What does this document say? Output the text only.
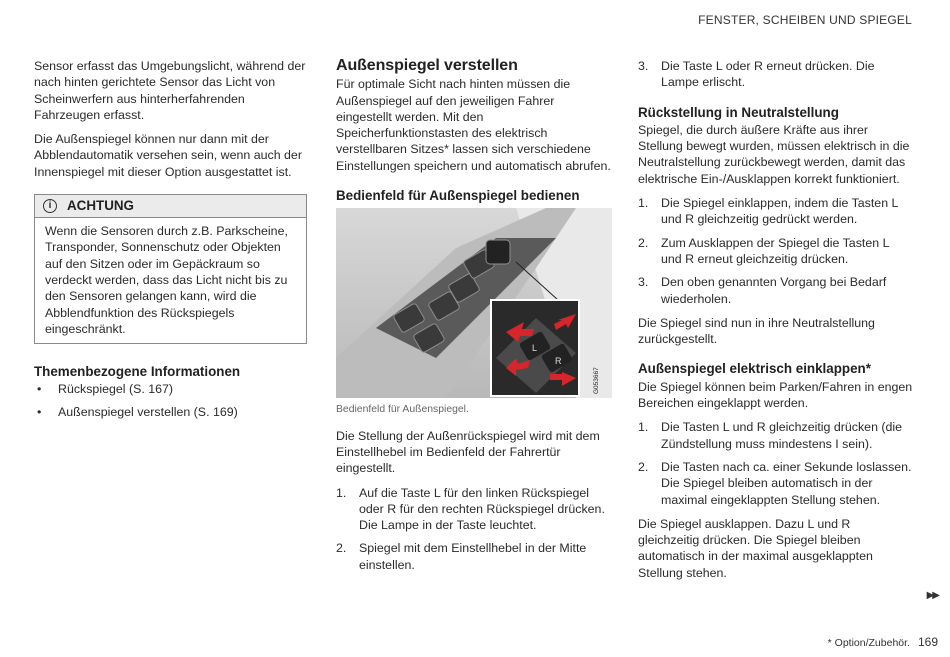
FENSTER, SCHEIBEN UND SPIEGEL

Sensor erfasst das Umgebungslicht, während der nach hinten gerichtete Sensor das Licht von Scheinwerfern aus hinterherfahrenden Fahrzeugen erfasst.

Die Außenspiegel können nur dann mit der Abblendautomatik versehen sein, wenn auch der Innenspiegel mit dieser Option ausgestattet ist.

i	ACHTUNG
Wenn die Sensoren durch z.B. Parkscheine, Transponder, Sonnenschutz oder Objekten auf den Sitzen oder im Gepäckraum so verdeckt werden, dass das Licht nicht bis zu den Sensoren gelangen kann, wird die Abblendfunktion des Rückspiegels eingeschränkt.
Themenbezogene Informationen
• Rückspiegel (S. 167)
• Außenspiegel verstellen (S. 169)
Außenspiegel verstellen

Für optimale Sicht nach hinten müssen die Außenspiegel auf den jeweiligen Fahrer eingestellt werden. Mit den Speicherfunktionstasten des elektrisch verstellbaren Sitzes* lassen sich verschiedene Einstellungen speichern und automatisch abrufen.

Bedienfeld für Außenspiegel bedienen
L
R
G053667
Bedienfeld für Außenspiegel.

Die Stellung der Außenrückspiegel wird mit dem Einstellhebel im Bedienfeld der Fahrertür eingestellt.

1.	Auf die Taste L für den linken Rückspiegel oder R für den rechten Rückspiegel drücken. Die Lampe in der Taste leuchtet.
2.	Spiegel mit dem Einstellhebel in der Mitte einstellen.
3.	Die Taste L oder R erneut drücken. Die Lampe erlischt.
Rückstellung in Neutralstellung

Spiegel, die durch äußere Kräfte aus ihrer Stellung bewegt wurden, müssen elektrisch in die Neutralstellung zurückbewegt werden, damit das elektrische Ein-/Ausklappen korrekt funktioniert.

1.	Die Spiegel einklappen, indem die Tasten L und R gleichzeitig gedrückt werden.
2.	Zum Ausklappen der Spiegel die Tasten L und R erneut gleichzeitig drücken.
3.	Den oben genannten Vorgang bei Bedarf wiederholen.

Die Spiegel sind nun in ihre Neutralstellung zurückgestellt.

Außenspiegel elektrisch einklappen*

Die Spiegel können beim Parken/Fahren in engen Bereichen eingeklappt werden.

1.	Die Tasten L und R gleichzeitig drücken (die Zündstellung muss mindestens I sein).
2.	Die Tasten nach ca. einer Sekunde loslassen. Die Spiegel bleiben automatisch in der maximal eingeklappten Stellung stehen.

Die Spiegel ausklappen. Dazu L und R gleichzeitig drücken. Die Spiegel bleiben automatisch in der maximal ausgeklappten Stellung stehen.

▶▶
* Option/Zubehör. 169
